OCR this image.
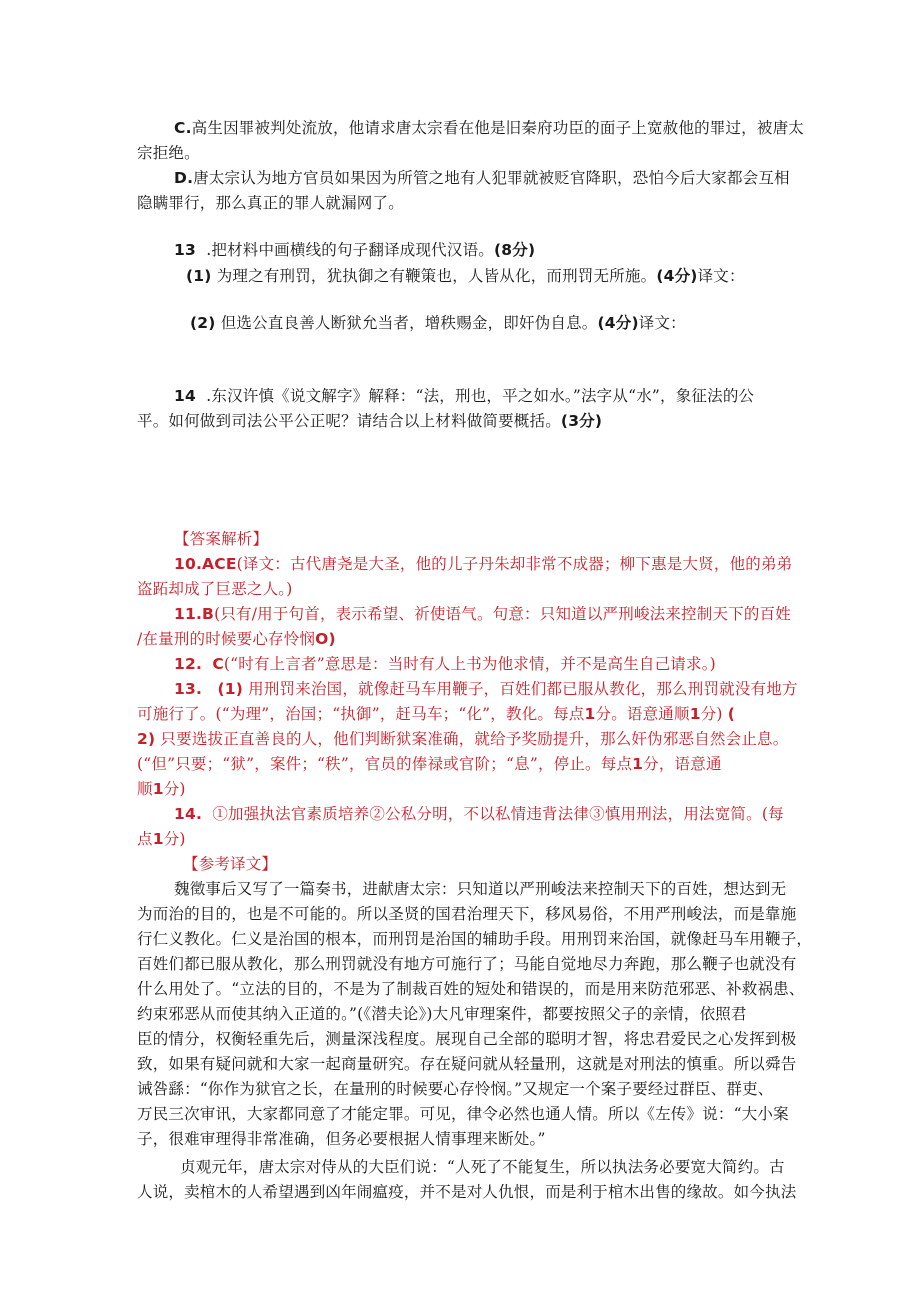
C.高生因罪被判处流放，他请求唐太宗看在他是旧秦府功臣的面子上宽赦他的罪过，被唐太
宗拒绝。
D.唐太宗认为地方官员如果因为所管之地有人犯罪就被贬官降职，恐怕今后大家都会互相
隐瞒罪行，那么真正的罪人就漏网了。
13 .把材料中画横线的句子翻译成现代汉语。(8分)
(1) 为理之有刑罚，犹执御之有鞭策也，人皆从化，而刑罚无所施。(4分)译文：
(2) 但选公直良善人断狱允当者，增秩赐金，即奸伪自息。(4分)译文：
14 .东汉许慎《说文解字》解释：“法，刑也，平之如水。”法字从“水”，象征法的公
平。如何做到司法公平公正呢？请结合以上材料做简要概括。(3分)
【答案解析】
10.ACE(译文：古代唐尧是大圣，他的儿子丹朱却非常不成器；柳下惠是大贤，他的弟弟
盗跖却成了巨恶之人。)
11.B(只有/用于句首，表示希望、祈使语气。句意：只知道以严刑峻法来控制天下的百姓
/在量刑的时候要心存怜悯O)
12. C(“时有上言者”意思是：当时有人上书为他求情，并不是高生自己请求。)
13. (1) 用刑罚来治国，就像赶马车用鞭子，百姓们都已服从教化，那么刑罚就没有地方
可施行了。(“为理”，治国；“执御”，赶马车；“化”，教化。每点1分。语意通顺1分) (
2) 只要选拔正直善良的人，他们判断狱案准确，就给予奖励提升，那么奸伪邪恶自然会止息。
(“但”只要；“狱”，案件；“秩”，官员的俸禄或官阶；“息”，停止。每点1分，语意通
顺1分)
14. ①加强执法官素质培养②公私分明，不以私情违背法律③慎用刑法，用法宽简。(每
点1分)
【参考译文】
魏徵事后又写了一篇奏书，进献唐太宗：只知道以严刑峻法来控制天下的百姓，想达到无
为而治的目的，也是不可能的。所以圣贤的国君治理天下，移风易俗，不用严刑峻法，而是靠施
行仁义教化。仁义是治国的根本，而刑罚是治国的辅助手段。用刑罚来治国，就像赶马车用鞭子，
百姓们都已服从教化，那么刑罚就没有地方可施行了；马能自觉地尽力奔跑，那么鞭子也就没有
什么用处了。“立法的目的，不是为了制裁百姓的短处和错误的，而是用来防范邪恶、补救祸患、
约束邪恶从而使其纳入正道的。”(《潜夫论》)大凡审理案件，都要按照父子的亲情，依照君
臣的情分，权衡轻重先后，测量深浅程度。展现自己全部的聪明才智，将忠君爱民之心发挥到极
致，如果有疑问就和大家一起商量研究。存在疑问就从轻量刑，这就是对刑法的慎重。所以舜告
诫咎繇：“你作为狱官之长，在量刑的时候要心存怜悯。”又规定一个案子要经过群臣、群吏、
万民三次审讯，大家都同意了才能定罪。可见，律令必然也通人情。所以《左传》说：“大小案
子，很难审理得非常准确，但务必要根据人情事理来断处。”
贞观元年，唐太宗对侍从的大臣们说：“人死了不能复生，所以执法务必要宽大简约。古
人说，卖棺木的人希望遇到凶年闹瘟疫，并不是对人仇恨，而是利于棺木出售的缘故。如今执法
